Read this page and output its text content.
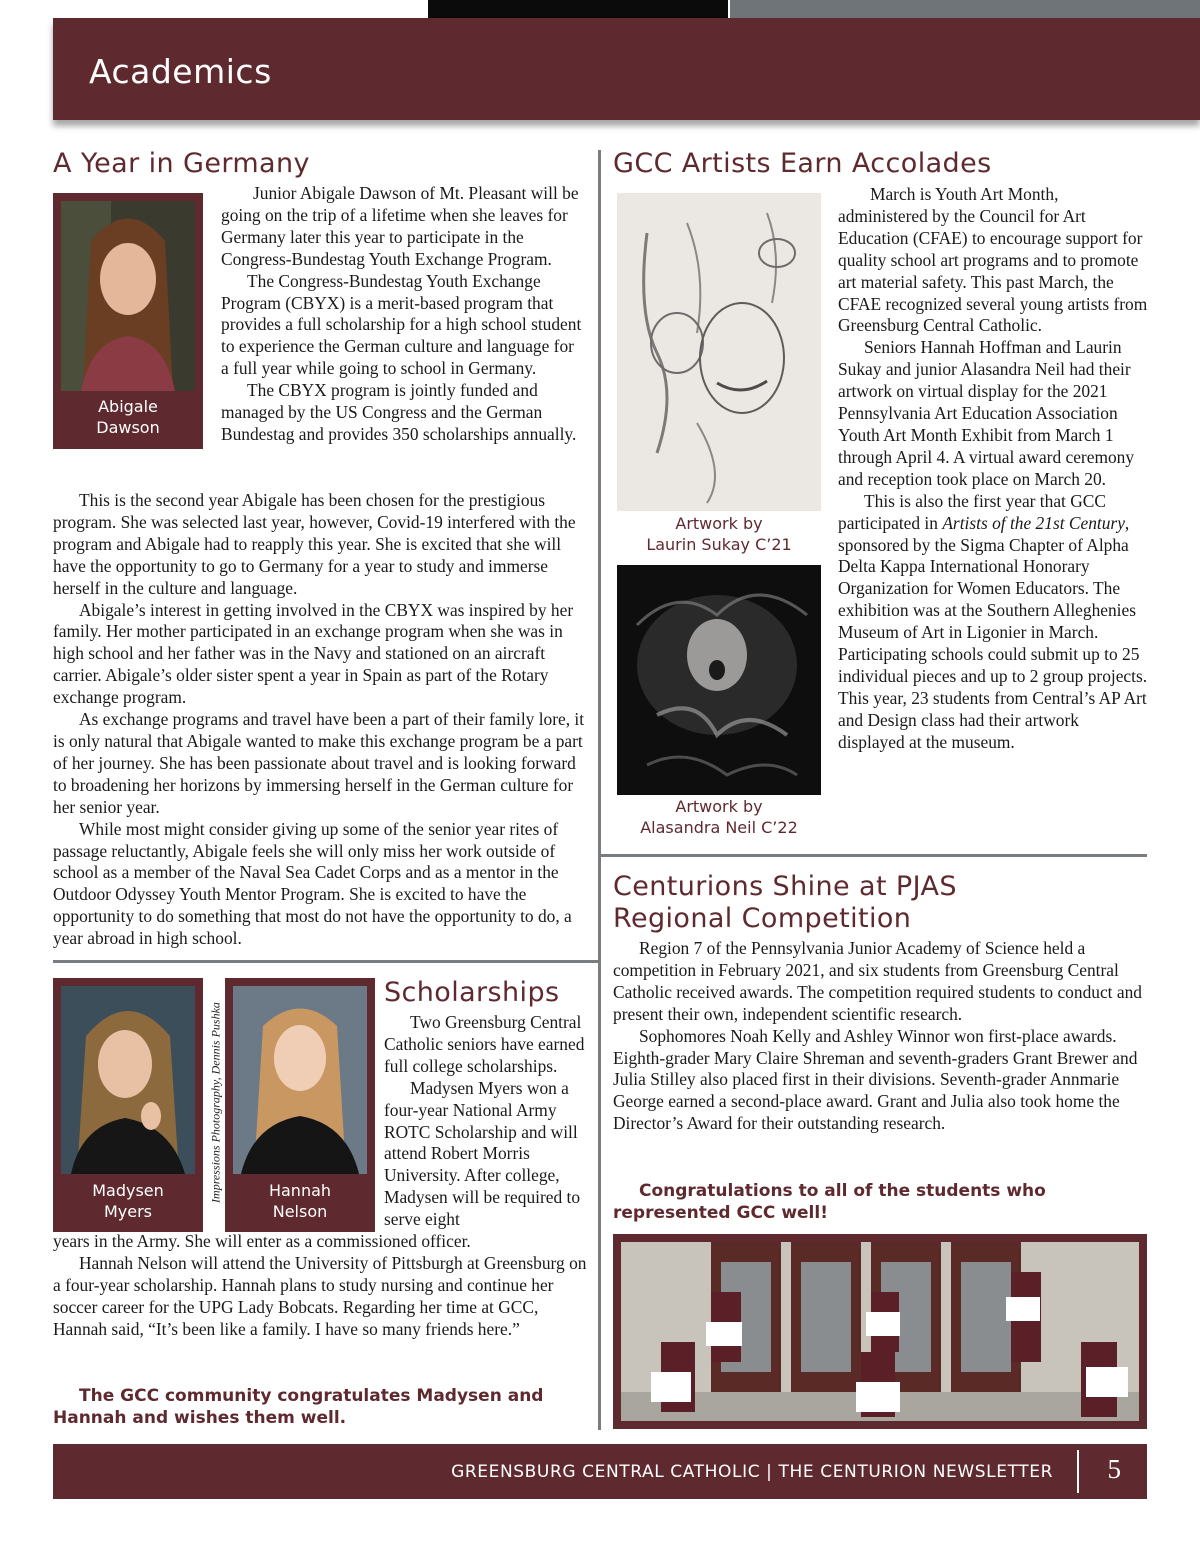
Academics
A Year in Germany
Abigale
Dawson

Junior Abigale Dawson of Mt. Pleasant will be going on the trip of a lifetime when she leaves for Germany later this year to participate in the Congress-Bundestag Youth Exchange Program.

The Congress-Bundestag Youth Exchange Program (CBYX) is a merit-based program that provides a full scholarship for a high school student to experience the German culture and language for a full year while going to school in Germany.

The CBYX program is jointly funded and managed by the US Congress and the German Bundestag and provides 350 scholarships annually.

This is the second year Abigale has been chosen for the prestigious program. She was selected last year, however, Covid-19 interfered with the program and Abigale had to reapply this year. She is excited that she will have the opportunity to go to Germany for a year to study and immerse herself in the culture and language.

Abigale’s interest in getting involved in the CBYX was inspired by her family. Her mother participated in an exchange program when she was in high school and her father was in the Navy and stationed on an aircraft carrier. Abigale’s older sister spent a year in Spain as part of the Rotary exchange program.

As exchange programs and travel have been a part of their family lore, it is only natural that Abigale wanted to make this exchange program be a part of her journey. She has been passionate about travel and is looking forward to broadening her horizons by immersing herself in the German culture for her senior year.

While most might consider giving up some of the senior year rites of passage reluctantly, Abigale feels she will only miss her work outside of school as a member of the Naval Sea Cadet Corps and as a mentor in the Outdoor Odyssey Youth Mentor Program. She is excited to have the opportunity to do something that most do not have the opportunity to do, a year abroad in high school.

Madysen
Myers
Impressions Photography, Dennis Pushka	Hannah
Nelson
Scholarships

Two Greensburg Central Catholic seniors have earned full college scholarships.

Madysen Myers won a four-year National Army ROTC Scholarship and will attend Robert Morris University. After college, Madysen will be required to serve eight

years in the Army. She will enter as a commissioned officer.

Hannah Nelson will attend the University of Pittsburgh at Greensburg on a four-year scholarship. Hannah plans to study nursing and continue her soccer career for the UPG Lady Bobcats. Regarding her time at GCC, Hannah said, “It’s been like a family. I have so many friends here.”

The GCC community congratulates Madysen and Hannah and wishes them well.
GCC Artists Earn Accolades
Artwork by
Laurin Sukay C’21
Artwork by
Alasandra Neil C’22

March is Youth Art Month, administered by the Council for Art Education (CFAE) to encourage support for quality school art programs and to promote art material safety. This past March, the CFAE recognized several young artists from Greensburg Central Catholic.

Seniors Hannah Hoffman and Laurin Sukay and junior Alasandra Neil had their artwork on virtual display for the 2021 Pennsylvania Art Education Association Youth Art Month Exhibit from March 1 through April 4. A virtual award ceremony and reception took place on March 20.

This is also the first year that GCC participated in Artists of the 21st Century, sponsored by the Sigma Chapter of Alpha Delta Kappa International Honorary Organization for Women Educators. The exhibition was at the Southern Alleghenies Museum of Art in Ligonier in March. Participating schools could submit up to 25 individual pieces and up to 2 group projects. This year, 23 students from Central’s AP Art and Design class had their artwork displayed at the museum.

Centurions Shine at PJAS
Regional Competition

Region 7 of the Pennsylvania Junior Academy of Science held a competition in February 2021, and six students from Greensburg Central Catholic received awards. The competition required students to conduct and present their own, independent scientific research.

Sophomores Noah Kelly and Ashley Winnor won first-place awards. Eighth-grader Mary Claire Shreman and seventh-graders Grant Brewer and Julia Stilley also placed first in their divisions. Seventh-grader Annmarie George earned a second-place award. Grant and Julia also took home the Director’s Award for their outstanding research.

Congratulations to all of the students who represented GCC well!
GREENSBURG CENTRAL CATHOLIC | THE CENTURION NEWSLETTER 5
